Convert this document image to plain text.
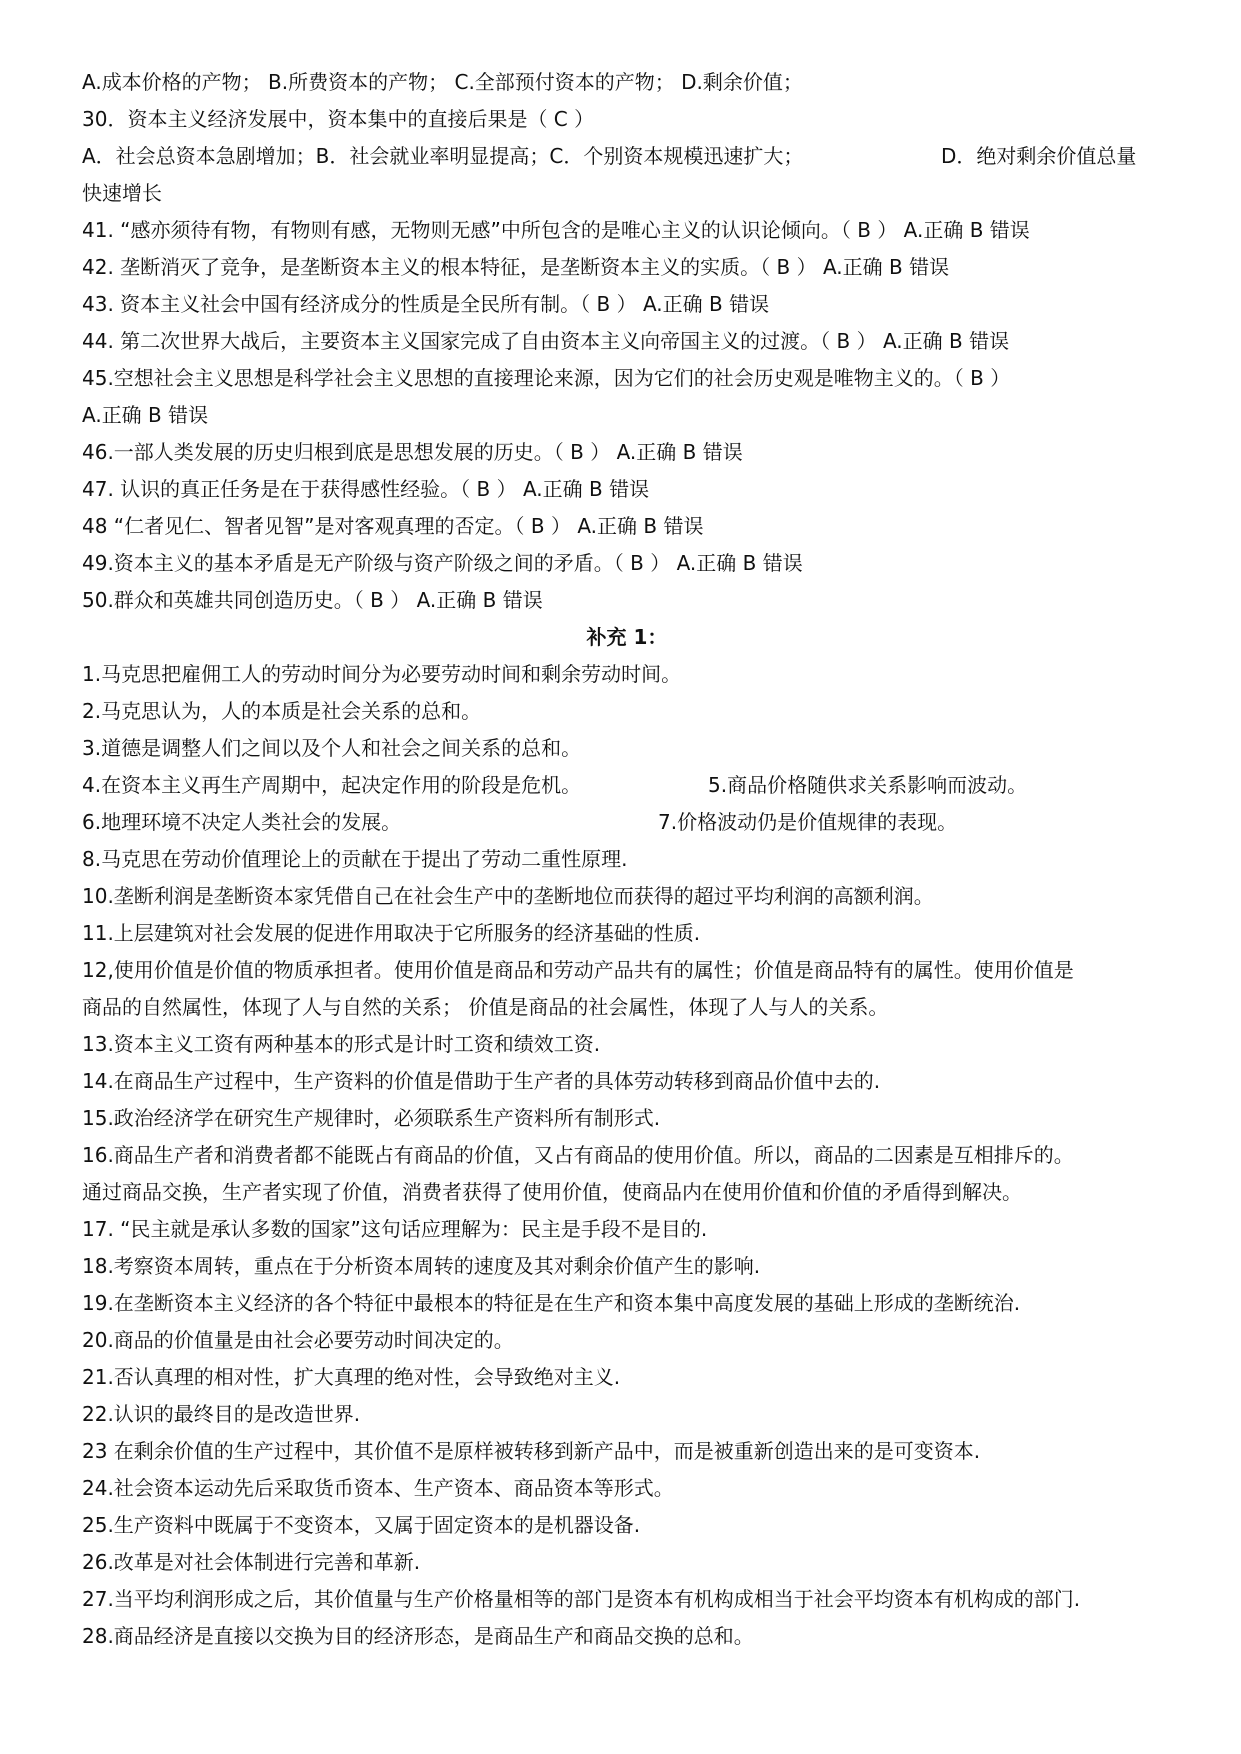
A.成本价格的产物； B.所费资本的产物； C.全部预付资本的产物； D.剩余价值；
30．资本主义经济发展中，资本集中的直接后果是（ C ）
A．社会总资本急剧增加；B．社会就业率明显提高；C．个别资本规模迅速扩大；	D．绝对剩余价值总量
快速增长
41. “感亦须待有物，有物则有感，无物则无感”中所包含的是唯心主义的认识论倾向。（ B ） A.正确 B 错误
42. 垄断消灭了竞争，是垄断资本主义的根本特征，是垄断资本主义的实质。（ B ） A.正确 B 错误
43. 资本主义社会中国有经济成分的性质是全民所有制。（ B ） A.正确 B 错误
44. 第二次世界大战后，主要资本主义国家完成了自由资本主义向帝国主义的过渡。（ B ） A.正确 B 错误
45.空想社会主义思想是科学社会主义思想的直接理论来源，因为它们的社会历史观是唯物主义的。（ B ）
A.正确 B 错误
46.一部人类发展的历史归根到底是思想发展的历史。（ B ） A.正确 B 错误
47. 认识的真正任务是在于获得感性经验。（ B ） A.正确 B 错误
48 “仁者见仁、智者见智”是对客观真理的否定。（ B ） A.正确 B 错误
49.资本主义的基本矛盾是无产阶级与资产阶级之间的矛盾。（ B ） A.正确 B 错误
50.群众和英雄共同创造历史。（ B ） A.正确 B 错误
补充 1：
1.马克思把雇佣工人的劳动时间分为必要劳动时间和剩余劳动时间。
2.马克思认为，人的本质是社会关系的总和。
3.道德是调整人们之间以及个人和社会之间关系的总和。
4.在资本主义再生产周期中，起决定作用的阶段是危机。	5.商品价格随供求关系影响而波动。
6.地理环境不决定人类社会的发展。	7.价格波动仍是价值规律的表现。
8.马克思在劳动价值理论上的贡献在于提出了劳动二重性原理.
10.垄断利润是垄断资本家凭借自己在社会生产中的垄断地位而获得的超过平均利润的高额利润。
11.上层建筑对社会发展的促进作用取决于它所服务的经济基础的性质.
12,使用价值是价值的物质承担者。使用价值是商品和劳动产品共有的属性；价值是商品特有的属性。使用价值是
商品的自然属性，体现了人与自然的关系； 价值是商品的社会属性，体现了人与人的关系。
13.资本主义工资有两种基本的形式是计时工资和绩效工资.
14.在商品生产过程中，生产资料的价值是借助于生产者的具体劳动转移到商品价值中去的.
15.政治经济学在研究生产规律时，必须联系生产资料所有制形式.
16.商品生产者和消费者都不能既占有商品的价值，又占有商品的使用价值。所以，商品的二因素是互相排斥的。
通过商品交换，生产者实现了价值，消费者获得了使用价值，使商品内在使用价值和价值的矛盾得到解决。
17. “民主就是承认多数的国家”这句话应理解为：民主是手段不是目的.
18.考察资本周转，重点在于分析资本周转的速度及其对剩余价值产生的影响.
19.在垄断资本主义经济的各个特征中最根本的特征是在生产和资本集中高度发展的基础上形成的垄断统治.
20.商品的价值量是由社会必要劳动时间决定的。
21.否认真理的相对性，扩大真理的绝对性，会导致绝对主义.
22.认识的最终目的是改造世界.
23 在剩余价值的生产过程中，其价值不是原样被转移到新产品中，而是被重新创造出来的是可变资本.
24.社会资本运动先后采取货币资本、生产资本、商品资本等形式。
25.生产资料中既属于不变资本，又属于固定资本的是机器设备.
26.改革是对社会体制进行完善和革新.
27.当平均利润形成之后，其价值量与生产价格量相等的部门是资本有机构成相当于社会平均资本有机构成的部门.
28.商品经济是直接以交换为目的经济形态，是商品生产和商品交换的总和。
